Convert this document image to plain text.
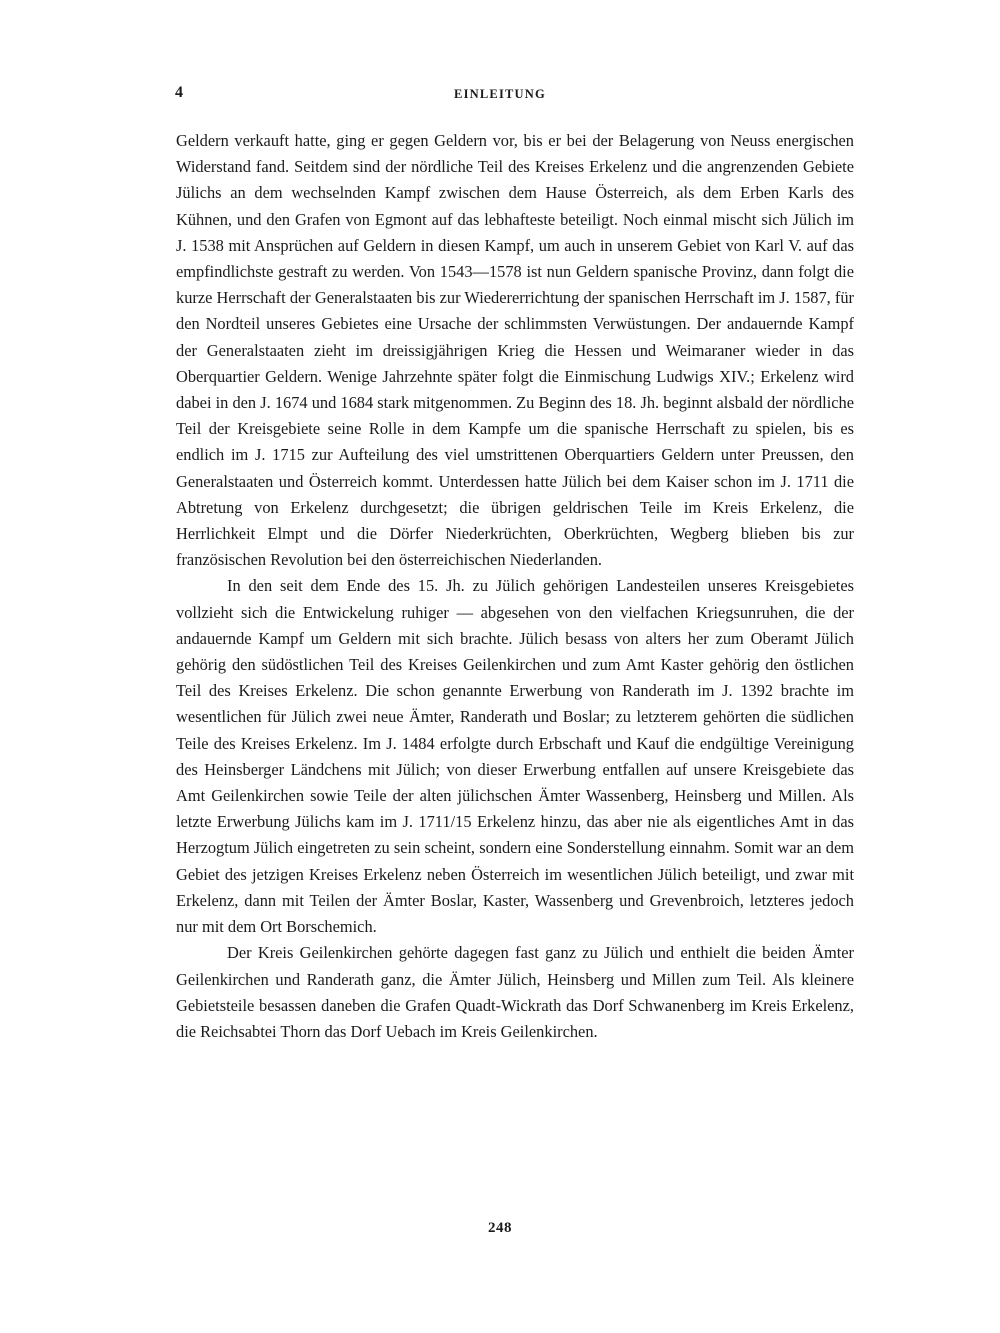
4	EINLEITUNG

Geldern verkauft hatte, ging er gegen Geldern vor, bis er bei der Belagerung von Neuss energischen Widerstand fand. Seitdem sind der nördliche Teil des Kreises Erkelenz und die angrenzenden Gebiete Jülichs an dem wechselnden Kampf zwischen dem Hause Österreich, als dem Erben Karls des Kühnen, und den Grafen von Egmont auf das lebhafteste beteiligt. Noch einmal mischt sich Jülich im J. 1538 mit Ansprüchen auf Geldern in diesen Kampf, um auch in unserem Gebiet von Karl V. auf das empfindlichste gestraft zu werden. Von 1543—1578 ist nun Geldern spanische Provinz, dann folgt die kurze Herrschaft der Generalstaaten bis zur Wiedererrichtung der spanischen Herrschaft im J. 1587, für den Nordteil unseres Gebietes eine Ursache der schlimmsten Verwüstungen. Der andauernde Kampf der Generalstaaten zieht im dreissigjährigen Krieg die Hessen und Weimaraner wieder in das Oberquartier Geldern. Wenige Jahrzehnte später folgt die Einmischung Ludwigs XIV.; Erkelenz wird dabei in den J. 1674 und 1684 stark mitgenommen. Zu Beginn des 18. Jh. beginnt alsbald der nördliche Teil der Kreisgebiete seine Rolle in dem Kampfe um die spanische Herrschaft zu spielen, bis es endlich im J. 1715 zur Aufteilung des viel umstrittenen Oberquartiers Geldern unter Preussen, den Generalstaaten und Österreich kommt. Unterdessen hatte Jülich bei dem Kaiser schon im J. 1711 die Abtretung von Erkelenz durchgesetzt; die übrigen geldrischen Teile im Kreis Erkelenz, die Herrlichkeit Elmpt und die Dörfer Niederkrüchten, Oberkrüchten, Wegberg blieben bis zur französischen Revolution bei den österreichischen Niederlanden.

In den seit dem Ende des 15. Jh. zu Jülich gehörigen Landesteilen unseres Kreisgebietes vollzieht sich die Entwickelung ruhiger — abgesehen von den vielfachen Kriegsunruhen, die der andauernde Kampf um Geldern mit sich brachte. Jülich besass von alters her zum Oberamt Jülich gehörig den südöstlichen Teil des Kreises Geilenkirchen und zum Amt Kaster gehörig den östlichen Teil des Kreises Erkelenz. Die schon genannte Erwerbung von Randerath im J. 1392 brachte im wesentlichen für Jülich zwei neue Ämter, Randerath und Boslar; zu letzterem gehörten die südlichen Teile des Kreises Erkelenz. Im J. 1484 erfolgte durch Erbschaft und Kauf die endgültige Vereinigung des Heinsberger Ländchens mit Jülich; von dieser Erwerbung entfallen auf unsere Kreisgebiete das Amt Geilenkirchen sowie Teile der alten jülichschen Ämter Wassenberg, Heinsberg und Millen. Als letzte Erwerbung Jülichs kam im J. 1711/15 Erkelenz hinzu, das aber nie als eigentliches Amt in das Herzogtum Jülich eingetreten zu sein scheint, sondern eine Sonderstellung einnahm. Somit war an dem Gebiet des jetzigen Kreises Erkelenz neben Österreich im wesentlichen Jülich beteiligt, und zwar mit Erkelenz, dann mit Teilen der Ämter Boslar, Kaster, Wassenberg und Grevenbroich, letzteres jedoch nur mit dem Ort Borschemich.

Der Kreis Geilenkirchen gehörte dagegen fast ganz zu Jülich und enthielt die beiden Ämter Geilenkirchen und Randerath ganz, die Ämter Jülich, Heinsberg und Millen zum Teil. Als kleinere Gebietsteile besassen daneben die Grafen Quadt-Wickrath das Dorf Schwanenberg im Kreis Erkelenz, die Reichsabtei Thorn das Dorf Uebach im Kreis Geilenkirchen.

248
